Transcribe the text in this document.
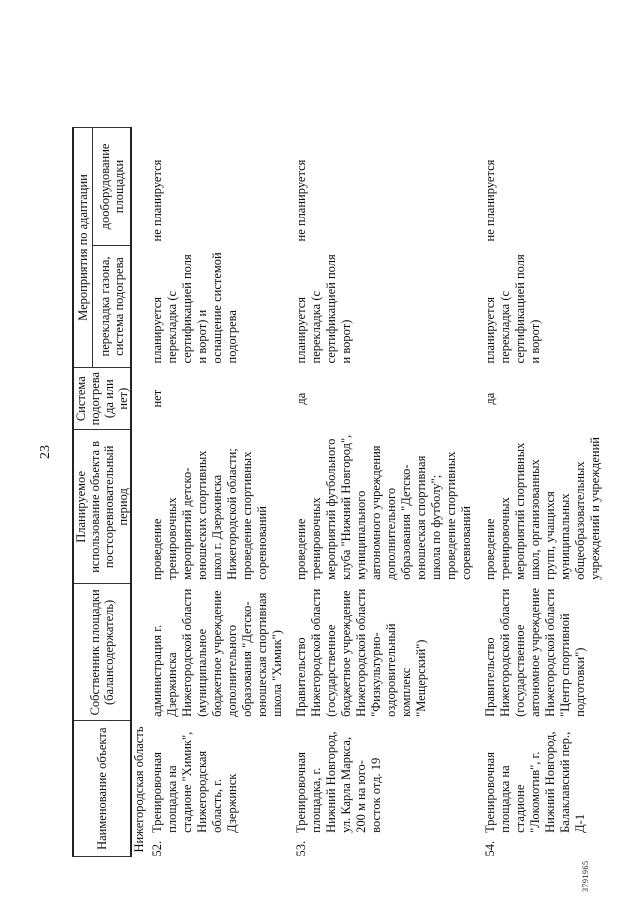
23
Наименование объекта		Собственник площадки (балансодержатель)	Планируемое использование объекта в постсоревновательный период	Система подогрева (да или нет)	Мероприятия по адаптации	
					перекладка газона, система подогрева	дооборудование площадки
Нижегородская область						
52.	Тренировочная площадка на стадионе "Химик", Нижегородская область, г. Дзержинск	администрация г. Дзержинска Нижегородской области (муниципальное бюджетное учреждение дополнительного образования "Детско-юношеская спортивная школа "Химик")	проведение тренировочных мероприятий детско-юношеских спортивных школ г. Дзержинска Нижегородской области; проведение спортивных соревнований	нет	планируется перекладка (с сертификацией поля и ворот) и оснащение системой подогрева	не планируется
53.	Тренировочная площадка, г. Нижний Новгород, ул. Карла Маркса, 200 м на юго-восток отд. 19	Правительство Нижегородской области (государственное бюджетное учреждение Нижегородской области "Физкультурно-оздоровительный комплекс "Мещерский")	проведение тренировочных мероприятий футбольного клуба "Нижний Новгород", муниципального автономного учреждения дополнительного образования "Детско-юношеская спортивная школа по футболу"; проведение спортивных соревнований	да	планируется перекладка (с сертификацией поля и ворот)	не планируется
54.	Тренировочная площадка на стадионе "Локомотив", г. Нижний Новгород, Балаклавский пер., Д-1	Правительство Нижегородской области (государственное автономное учреждение Нижегородской области "Центр спортивной подготовки")	проведение тренировочных мероприятий спортивных школ, организованных групп, учащихся муниципальных общеобразовательных учреждений и учреждений	да	планируется перекладка (с сертификацией поля и ворот)	не планируется
3791965
